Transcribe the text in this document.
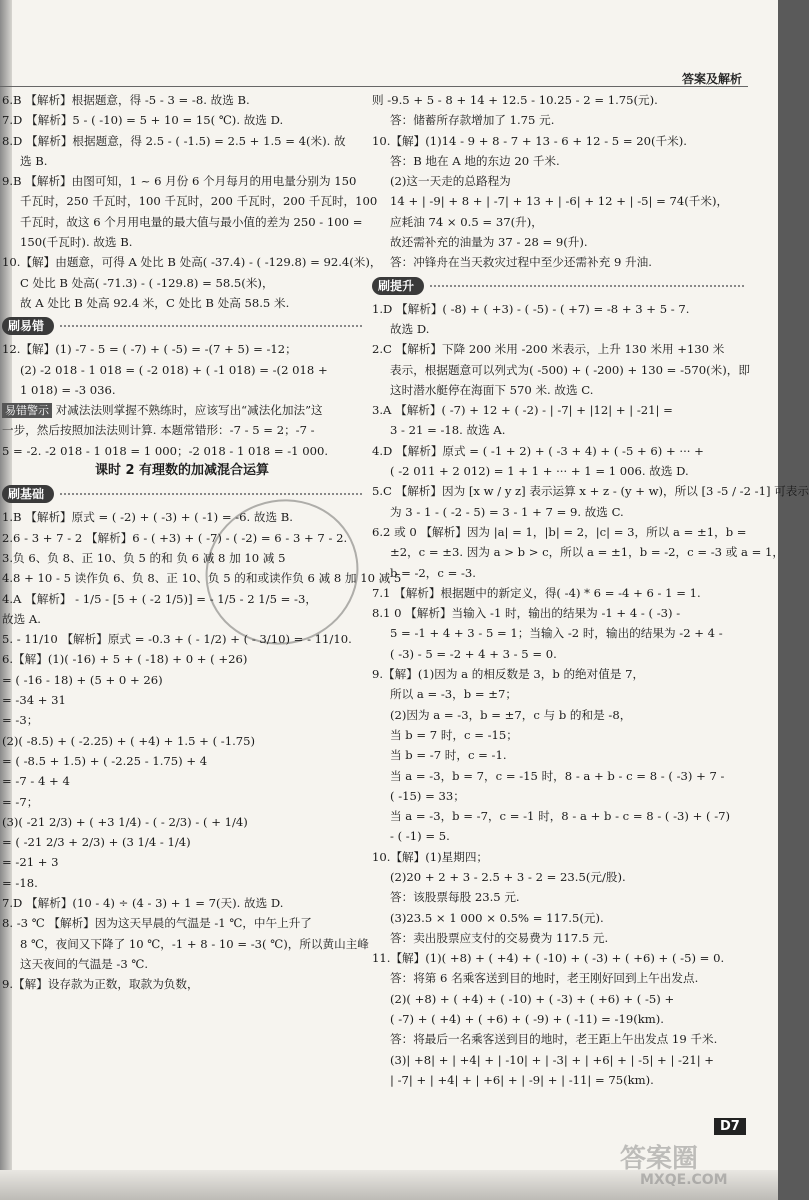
答案及解析
6.B 【解析】根据题意，得 -5 - 3 = -8. 故选 B.
7.D 【解析】5 - ( -10) = 5 + 10 = 15( ℃). 故选 D.
8.D 【解析】根据题意，得 2.5 - ( -1.5) = 2.5 + 1.5 = 4(米). 故
选 B.
9.B 【解析】由图可知，1 ~ 6 月份 6 个月每月的用电量分别为 150
千瓦时，250 千瓦时，100 千瓦时，200 千瓦时，200 千瓦时，100
千瓦时，故这 6 个月用电量的最大值与最小值的差为 250 - 100 =
150(千瓦时). 故选 B.
10.【解】由题意，可得 A 处比 B 处高( -37.4) - ( -129.8) = 92.4(米)，
C 处比 B 处高( -71.3) - ( -129.8) = 58.5(米)，
故 A 处比 B 处高 92.4 米，C 处比 B 处高 58.5 米.
刷易错
12.【解】(1) -7 - 5 = ( -7) + ( -5) = -(7 + 5) = -12；
(2) -2 018 - 1 018 = ( -2 018) + ( -1 018) = -(2 018 +
1 018) = -3 036.
易错警示 对减法法则掌握不熟练时，应该写出“减法化加法”这
一步，然后按照加法法则计算. 本题常错形：-7 - 5 = 2；-7 -
5 = -2. -2 018 - 1 018 = 1 000；-2 018 - 1 018 = -1 000.
课时 2 有理数的加减混合运算
刷基础
1.B 【解析】原式 = ( -2) + ( -3) + ( -1) = -6. 故选 B.
2.6 - 3 + 7 - 2 【解析】6 - ( +3) + ( -7) - ( -2) = 6 - 3 + 7 - 2.
3.负 6、负 8、正 10、负 5 的和 负 6 减 8 加 10 减 5
4.8 + 10 - 5 读作负 6、负 8、正 10、负 5 的和或读作负 6 减 8 加 10 减 5
4.A 【解析】 - 1/5 - [5 + ( -2 1/5)] = - 1/5 - 2 1/5 = -3，
故选 A.
5. - 11/10 【解析】原式 = -0.3 + ( - 1/2) + ( - 3/10) = - 11/10.
6.【解】(1)( -16) + 5 + ( -18) + 0 + ( +26)
= ( -16 - 18) + (5 + 0 + 26)
= -34 + 31
= -3；
(2)( -8.5) + ( -2.25) + ( +4) + 1.5 + ( -1.75)
= ( -8.5 + 1.5) + ( -2.25 - 1.75) + 4
= -7 - 4 + 4
= -7；
(3)( -21 2/3) + ( +3 1/4) - ( - 2/3) - ( + 1/4)
= ( -21 2/3 + 2/3) + (3 1/4 - 1/4)
= -21 + 3
= -18.
7.D 【解析】(10 - 4) ÷ (4 - 3) + 1 = 7(天). 故选 D.
8. -3 ℃ 【解析】因为这天早晨的气温是 -1 ℃，中午上升了
8 ℃，夜间又下降了 10 ℃，-1 + 8 - 10 = -3( ℃)，所以黄山主峰
这天夜间的气温是 -3 ℃.
9.【解】设存款为正数，取款为负数，
则 -9.5 + 5 - 8 + 14 + 12.5 - 10.25 - 2 = 1.75(元).
答：储蓄所存款增加了 1.75 元.
10.【解】(1)14 - 9 + 8 - 7 + 13 - 6 + 12 - 5 = 20(千米).
答：B 地在 A 地的东边 20 千米.
(2)这一天走的总路程为
14 + | -9| + 8 + | -7| + 13 + | -6| + 12 + | -5| = 74(千米)，
应耗油 74 × 0.5 = 37(升)，
故还需补充的油量为 37 - 28 = 9(升).
答：冲锋舟在当天救灾过程中至少还需补充 9 升油.
刷提升
1.D 【解析】( -8) + ( +3) - ( -5) - ( +7) = -8 + 3 + 5 - 7.
故选 D.
2.C 【解析】下降 200 米用 -200 米表示，上升 130 米用 +130 米
表示，根据题意可以列式为( -500) + ( -200) + 130 = -570(米)，即
这时潜水艇停在海面下 570 米. 故选 C.
3.A 【解析】( -7) + 12 + ( -2) - | -7| + |12| + | -21| =
3 - 21 = -18. 故选 A.
4.D 【解析】原式 = ( -1 + 2) + ( -3 + 4) + ( -5 + 6) + ··· +
( -2 011 + 2 012) = 1 + 1 + ··· + 1 = 1 006. 故选 D.
5.C 【解析】因为 [x w / y z] 表示运算 x + z - (y + w)，所以 [3 -5 / -2 -1] 可表示
为 3 - 1 - ( -2 - 5) = 3 - 1 + 7 = 9. 故选 C.
6.2 或 0 【解析】因为 |a| = 1，|b| = 2，|c| = 3，所以 a = ±1，b =
±2，c = ±3. 因为 a > b > c，所以 a = ±1，b = -2，c = -3 或 a = 1，
b = -2，c = -3.
7.1 【解析】根据题中的新定义，得( -4) * 6 = -4 + 6 - 1 = 1.
8.1 0 【解析】当输入 -1 时，输出的结果为 -1 + 4 - ( -3) -
5 = -1 + 4 + 3 - 5 = 1；当输入 -2 时，输出的结果为 -2 + 4 -
( -3) - 5 = -2 + 4 + 3 - 5 = 0.
9.【解】(1)因为 a 的相反数是 3，b 的绝对值是 7，
所以 a = -3，b = ±7；
(2)因为 a = -3，b = ±7，c 与 b 的和是 -8，
当 b = 7 时，c = -15；
当 b = -7 时，c = -1.
当 a = -3，b = 7，c = -15 时，8 - a + b - c = 8 - ( -3) + 7 -
( -15) = 33；
当 a = -3，b = -7，c = -1 时，8 - a + b - c = 8 - ( -3) + ( -7)
- ( -1) = 5.
10.【解】(1)星期四；
(2)20 + 2 + 3 - 2.5 + 3 - 2 = 23.5(元/股).
答：该股票每股 23.5 元.
(3)23.5 × 1 000 × 0.5% = 117.5(元).
答：卖出股票应支付的交易费为 117.5 元.
11.【解】(1)( +8) + ( +4) + ( -10) + ( -3) + ( +6) + ( -5) = 0.
答：将第 6 名乘客送到目的地时，老王刚好回到上午出发点.
(2)( +8) + ( +4) + ( -10) + ( -3) + ( +6) + ( -5) +
( -7) + ( +4) + ( +6) + ( -9) + ( -11) = -19(km).
答：将最后一名乘客送到目的地时，老王距上午出发点 19 千米.
(3)| +8| + | +4| + | -10| + | -3| + | +6| + | -5| + | -21| +
| -7| + | +4| + | +6| + | -9| + | -11| = 75(km).
D7
答案圈
MXQE.COM
